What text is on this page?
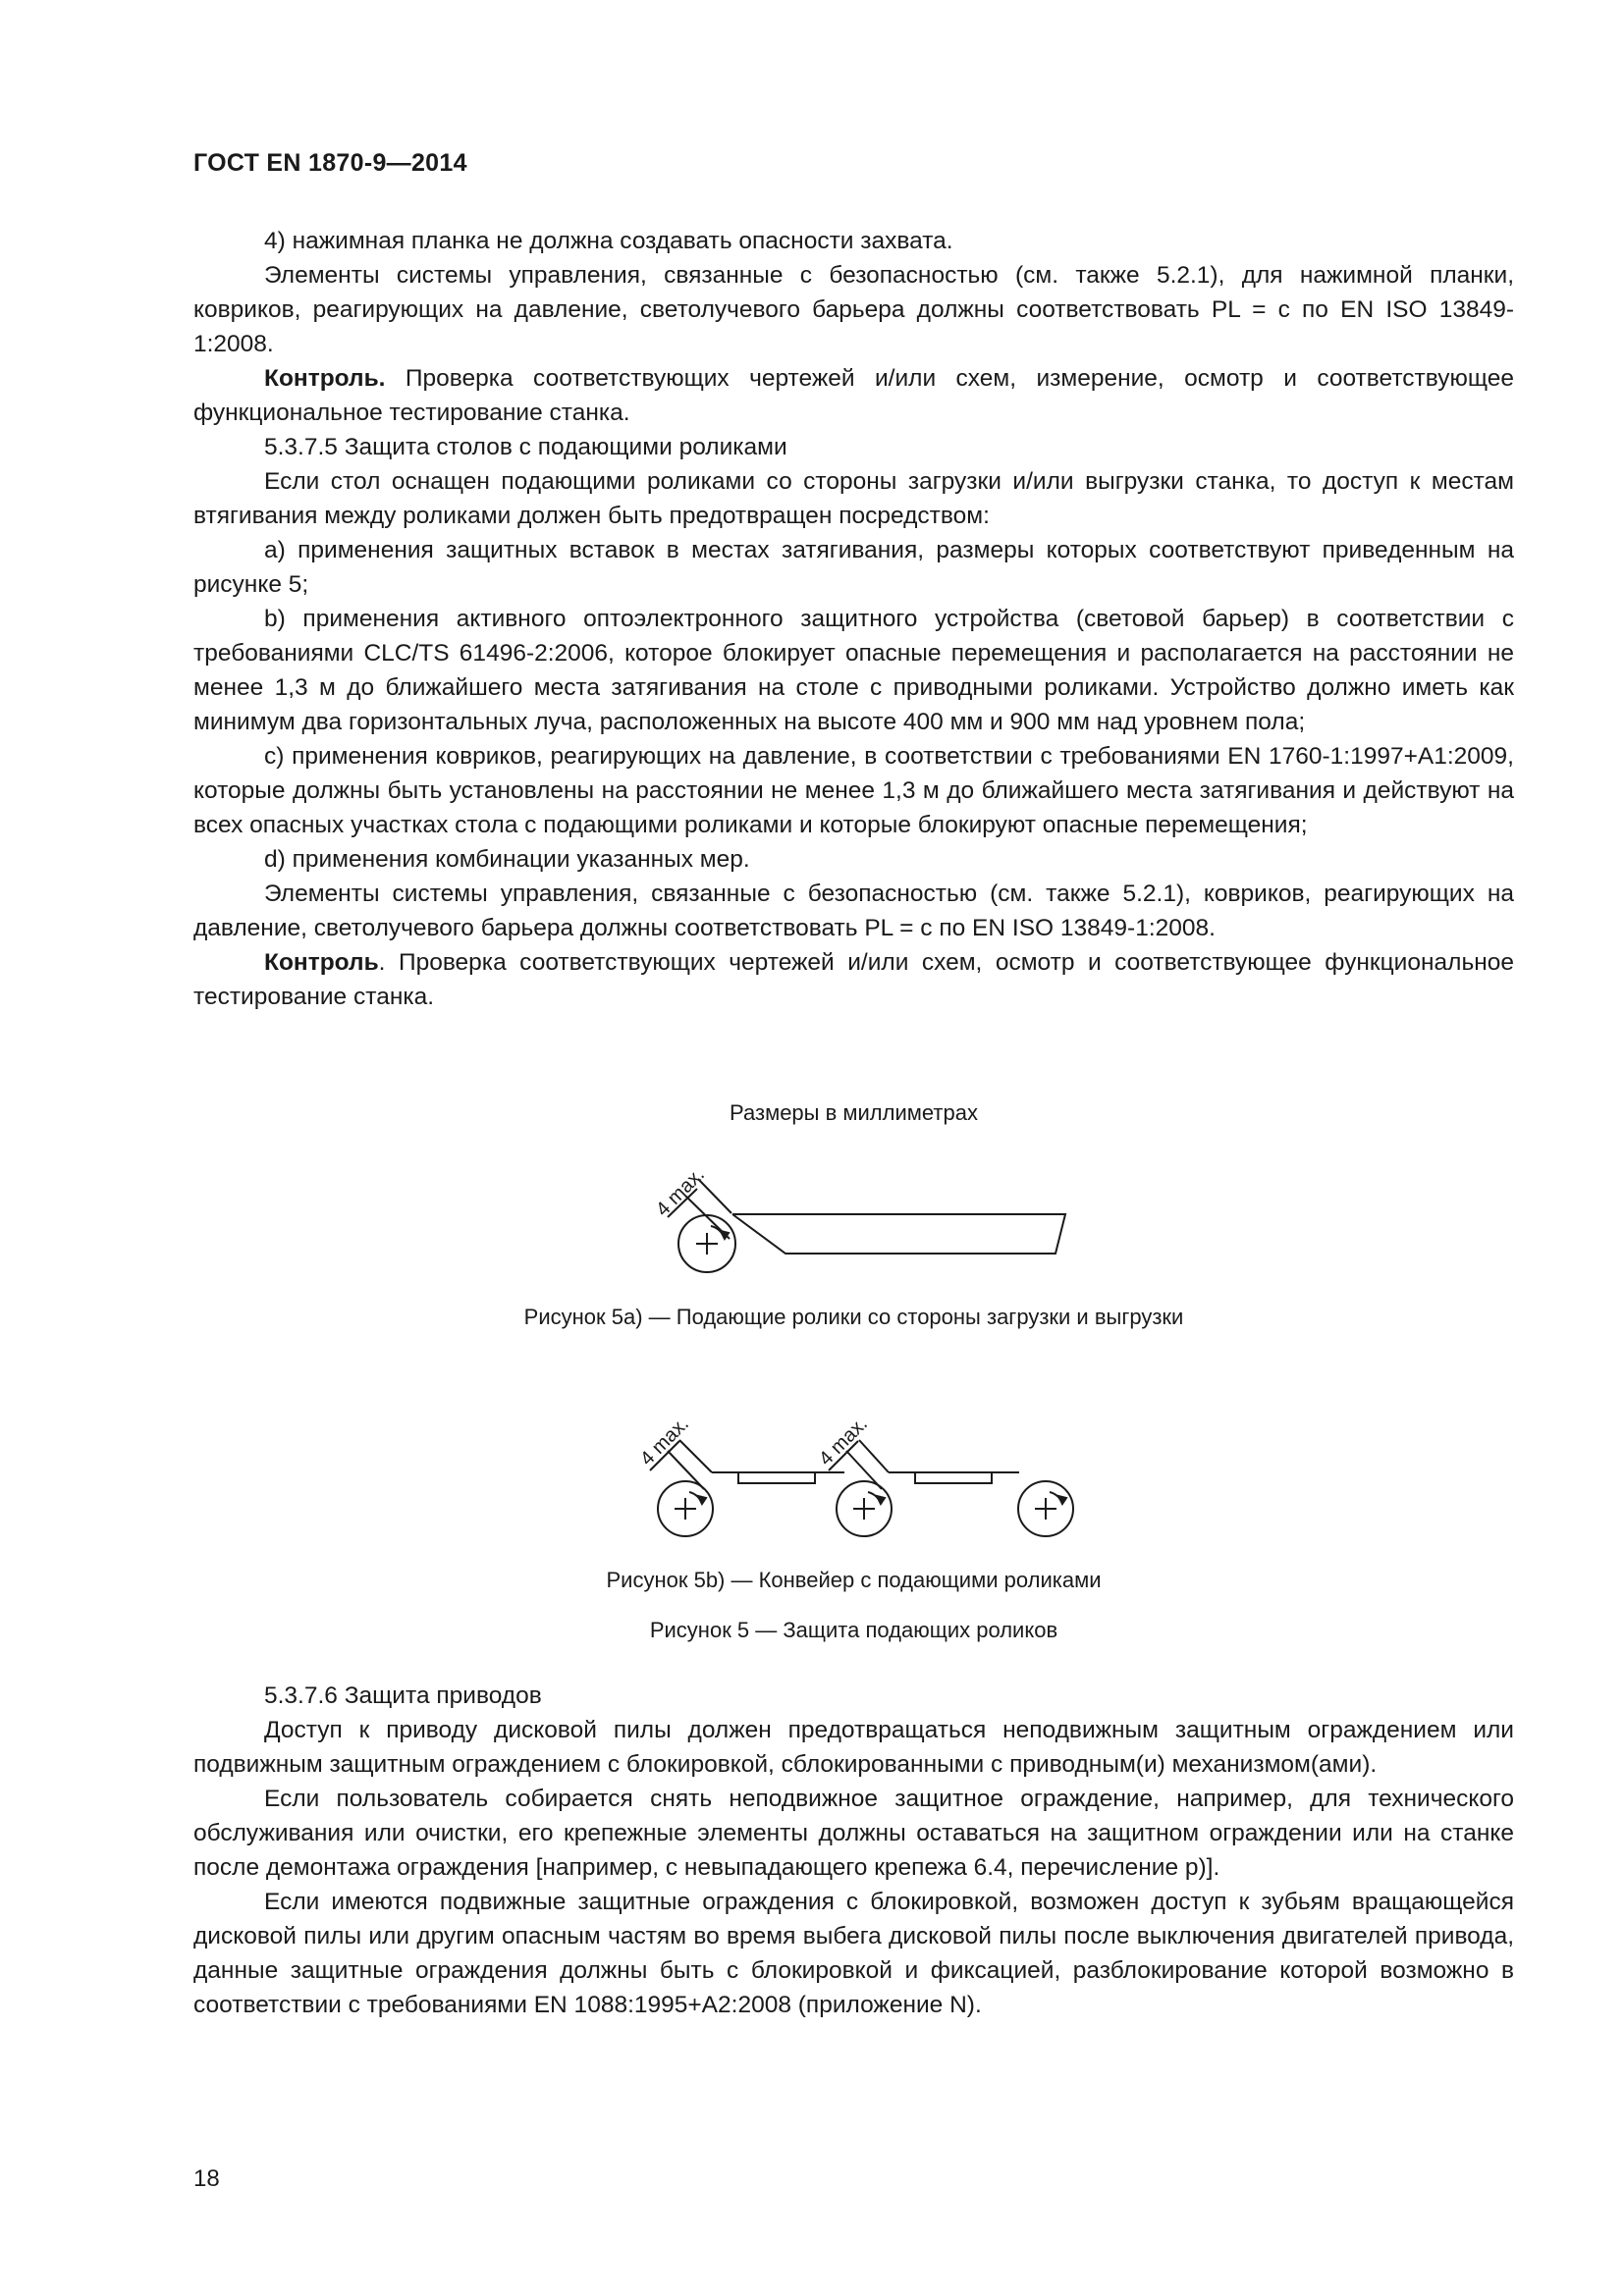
ГОСТ EN 1870-9—2014

4) нажимная планка не должна создавать опасности захвата.

Элементы системы управления, связанные с безопасностью (см. также 5.2.1), для нажимной планки, ковриков, реагирующих на давление, светолучевого барьера должны соответствовать PL = с по EN ISO 13849-1:2008.

Контроль. Проверка соответствующих чертежей и/или схем, измерение, осмотр и соответствующее функциональное тестирование станка.

5.3.7.5 Защита столов с подающими роликами

Если стол оснащен подающими роликами со стороны загрузки и/или выгрузки станка, то доступ к местам втягивания между роликами должен быть предотвращен посредством:

а) применения защитных вставок в местах затягивания, размеры которых соответствуют приведенным на рисунке 5;

b) применения активного оптоэлектронного защитного устройства (световой барьер) в соответствии с требованиями CLC/TS 61496-2:2006, которое блокирует опасные перемещения и располагается на расстоянии не менее 1,3 м до ближайшего места затягивания на столе с приводными роликами. Устройство должно иметь как минимум два горизонтальных луча, расположенных на высоте 400 мм и 900 мм над уровнем пола;

с) применения ковриков, реагирующих на давление, в соответствии с требованиями EN 1760-1:1997+A1:2009, которые должны быть установлены на расстоянии не менее 1,3 м до ближайшего места затягивания и действуют на всех опасных участках стола с подающими роликами и которые блокируют опасные перемещения;

d) применения комбинации указанных мер.

Элементы системы управления, связанные с безопасностью (см. также 5.2.1), ковриков, реагирующих на давление, светолучевого барьера должны соответствовать PL = с по EN ISO 13849-1:2008.

Контроль. Проверка соответствующих чертежей и/или схем, осмотр и соответствующее функциональное тестирование станка.

Размеры в миллиметрах
4 max.
Рисунок 5а) — Подающие ролики со стороны загрузки и выгрузки
4 max.	4 max.
Рисунок 5b) — Конвейер с подающими роликами
Рисунок 5 — Защита подающих роликов

5.3.7.6 Защита приводов

Доступ к приводу дисковой пилы должен предотвращаться неподвижным защитным ограждением или подвижным защитным ограждением с блокировкой, сблокированными с приводным(и) механизмом(ами).

Если пользователь собирается снять неподвижное защитное ограждение, например, для технического обслуживания или очистки, его крепежные элементы должны оставаться на защитном ограждении или на станке после демонтажа ограждения [например, с невыпадающего крепежа 6.4, перечисление р)].

Если имеются подвижные защитные ограждения с блокировкой, возможен доступ к зубьям вращающейся дисковой пилы или другим опасным частям во время выбега дисковой пилы после выключения двигателей привода, данные защитные ограждения должны быть с блокировкой и фиксацией, разблокирование которой возможно в соответствии с требованиями EN 1088:1995+A2:2008 (приложение N).

18
